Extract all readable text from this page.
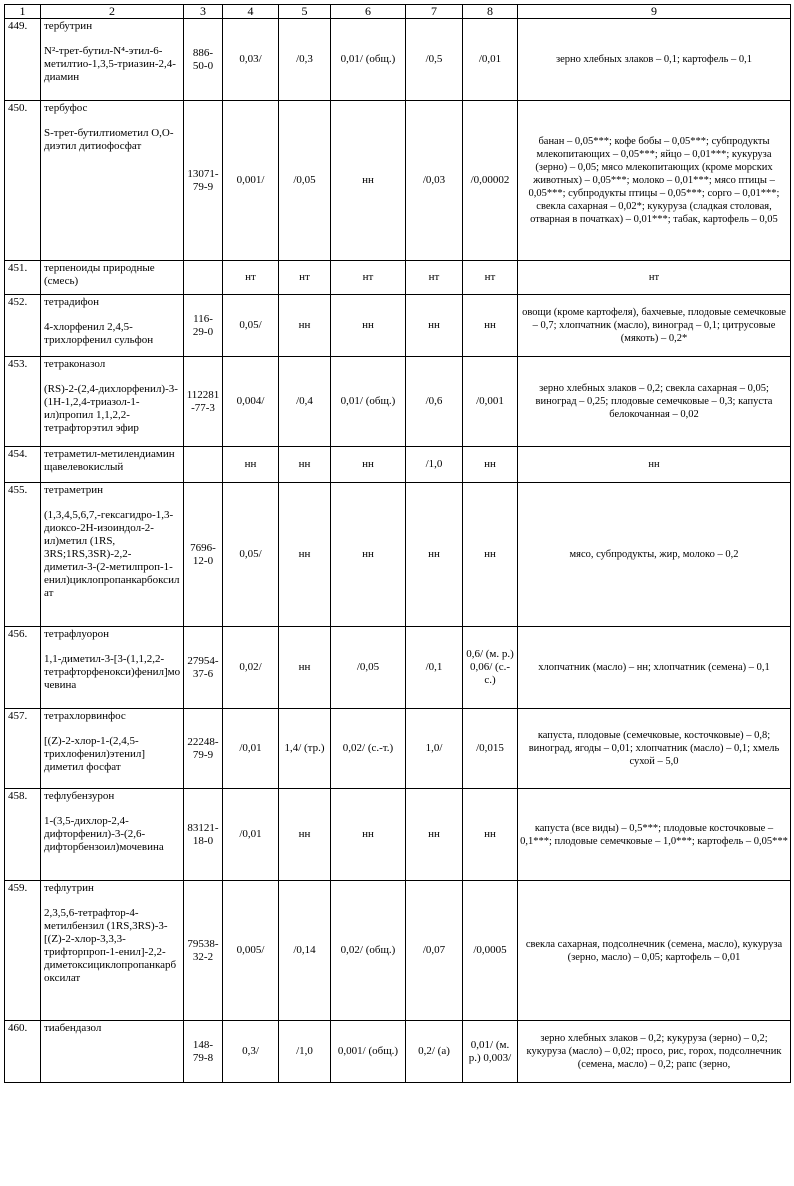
1	2	3	4	5	6	7	8	9
449.	тербутрин
N²-трет-бутил-N⁴-этил-6-метилтио-1,3,5-триазин-2,4-диамин	886-50-0	0,03/	/0,3	0,01/ (общ.)	/0,5	/0,01	зерно хлебных злаков – 0,1; картофель – 0,1
450.	тербуфос
S-трет-бутилтиометил О,О-диэтил дитиофосфат	13071-79-9	0,001/	/0,05	нн	/0,03	/0,00002	банан – 0,05***; кофе бобы – 0,05***; субпродукты млекопитающих – 0,05***; яйцо – 0,01***; кукуруза (зерно) – 0,05; мясо млекопитающих (кроме морских животных) – 0,05***; молоко – 0,01***; мясо птицы – 0,05***; субпродукты птицы – 0,05***; сорго – 0,01***; свекла сахарная – 0,02*; кукуруза (сладкая столовая, отварная в початках) – 0,01***; табак, картофель – 0,05
451.	терпеноиды природные (смесь)		нт	нт	нт	нт	нт	нт
452.	тетрадифон
4-хлорфенил 2,4,5-трихлорфенил сульфон	116-29-0	0,05/	нн	нн	нн	нн	овощи (кроме картофеля), бахчевые, плодовые семечковые – 0,7; хлопчатник (масло), виноград – 0,1; цитрусовые (мякоть) – 0,2*
453.	тетраконазол
(RS)-2-(2,4-дихлорфенил)-3-(1Н-1,2,4-триазол-1-ил)пропил 1,1,2,2-тетрафторэтил эфир	112281-77-3	0,004/	/0,4	0,01/ (общ.)	/0,6	/0,001	зерно хлебных злаков – 0,2; свекла сахарная – 0,05; виноград – 0,25; плодовые семечковые – 0,3; капуста белокочанная – 0,02
454.	тетраметил-метилендиамин щавелевокислый		нн	нн	нн	/1,0	нн	нн
455.	тетраметрин
(1,3,4,5,6,7,-гексагидро-1,3-диоксо-2Н-изоиндол-2-ил)метил (1RS, 3RS;1RS,3SR)-2,2-диметил-3-(2-метилпроп-1-енил)циклопропанкарбоксилат	7696-12-0	0,05/	нн	нн	нн	нн	мясо, субпродукты, жир, молоко – 0,2
456.	тетрафлуорон
1,1-диметил-3-[3-(1,1,2,2-тетрафторфенокси)фенил]мочевина	27954-37-6	0,02/	нн	/0,05	/0,1	0,6/ (м. р.) 0,06/ (с.-с.)	хлопчатник (масло) – нн; хлопчатник (семена) – 0,1
457.	тетрахлорвинфос
[(Z)-2-хлор-1-(2,4,5-трихлофенил)этенил] диметил фосфат	22248-79-9	/0,01	1,4/ (тр.)	0,02/ (с.-т.)	1,0/	/0,015	капуста, плодовые (семечковые, косточковые) – 0,8; виноград, ягоды – 0,01; хлопчатник (масло) – 0,1; хмель сухой – 5,0
458.	тефлубензурон
1-(3,5-дихлор-2,4-дифторфенил)-3-(2,6-дифторбензоил)мочевина	83121-18-0	/0,01	нн	нн	нн	нн	капуста (все виды) – 0,5***; плодовые косточковые – 0,1***; плодовые семечковые – 1,0***; картофель – 0,05***
459.	тефлутрин
2,3,5,6-тетрафтор-4-метилбензил (1RS,3RS)-3-[(Z)-2-хлор-3,3,3-трифторпроп-1-енил]-2,2-диметоксициклопропанкарбоксилат	79538-32-2	0,005/	/0,14	0,02/ (общ.)	/0,07	/0,0005	свекла сахарная, подсолнечник (семена, масло), кукуруза (зерно, масло) – 0,05; картофель – 0,01
460.	тиабендазол	148-79-8	0,3/	/1,0	0,001/ (общ.)	0,2/ (а)	0,01/ (м. р.) 0,003/	зерно хлебных злаков – 0,2; кукуруза (зерно) – 0,2; кукуруза (масло) – 0,02; просо, рис, горох, подсолнечник (семена, масло) – 0,2; рапс (зерно,
